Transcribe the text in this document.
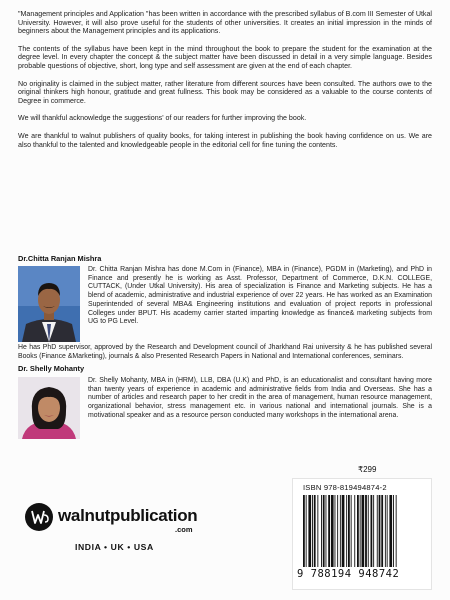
"Management principles and Application "has been written in accordance with the prescribed syllabus of B.com III Semester of Utkal University. However, it will also prove useful for the students of other universities. It creates an initial impression in the minds of beginners about the Management principles and its applications.

The contents of the syllabus have been kept in the mind throughout the book to prepare the student for the examination at the degree level. In every chapter the concept & the subject matter have been discussed in detail in a very simple language. Besides probable questions of objective, short, long type and self assessment are given at the end of each chapter.

No originality is claimed in the subject matter, rather literature from different sources have been consulted. The authors owe to the original thinkers high honour, gratitude and great fullness. This book may be considered as a valuable to the course contents of Degree in commerce.

We will thankful acknowledge the suggestions' of our readers for further improving the book.

We are thankful to walnut publishers of quality books, for taking interest in publishing the book having confidence on us. We are also thankful to the talented and knowledgeable people in the editorial cell for fine tuning the contents.

Dr.Chitta Ranjan Mishra
Dr. Chitta Ranjan Mishra has done M.Com in (Finance), MBA in (Finance), PGDM in (Marketing), and PhD in Finance and presently he is working as Asst. Professor, Department of Commerce, D.K.N. COLLEGE, CUTTACK, (Under Utkal University). His area of specialization is Finance and Marketing subjects. He has a blend of academic, administrative and industrial experience of over 22 years. He has worked as an Examination Superintended of several MBA& Engineering institutions and evaluation of project reports in professional Colleges under BPUT. His academy carrier started imparting knowledge as finance& marketing subjects from UG to PG Level.
He has PhD supervisor, approved by the Research and Development council of Jharkhand Rai university & he has published several Books (Finance &Marketing), journals & also Presented Research Papers in National and International conferences, seminars.
Dr. Shelly Mohanty
Dr. Shelly Mohanty, MBA in (HRM), LLB, DBA (U.K) and PhD, is an educationalist and consultant having more than twenty years of experience in academic and administrative fields from India and Overseas. She has a number of articles and research paper to her credit in the area of management, human resource management, organizational behavior, stress management etc. in various national and international journals. She is a motivational speaker and as a resource person conducted many workshops in the international arena.
₹299
ISBN 978-819494874-2
9 788194 948742
walnutpublication
.com
INDIA • UK • USA
